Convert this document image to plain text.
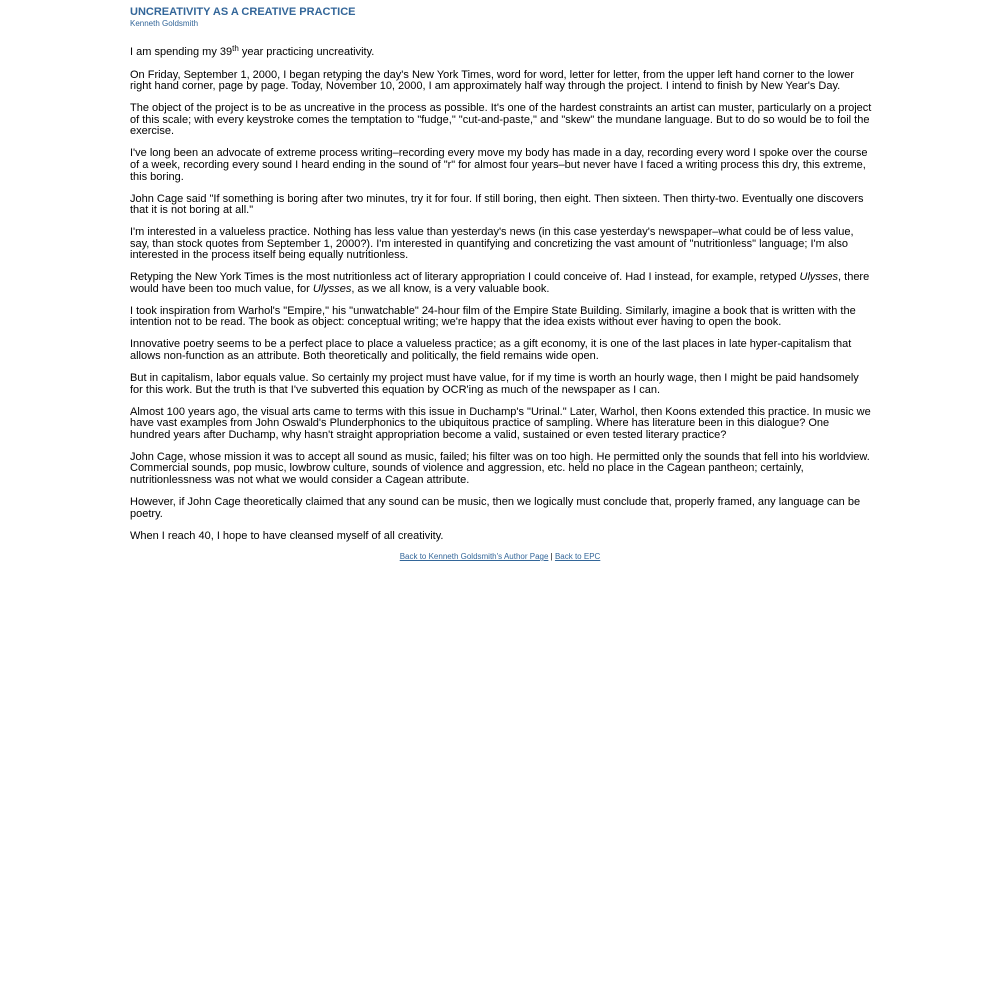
UNCREATIVITY AS A CREATIVE PRACTICE

Kenneth Goldsmith

I am spending my 39th year practicing uncreativity.

On Friday, September 1, 2000, I began retyping the day's New York Times, word for word, letter for letter, from the upper left hand corner to the lower right hand corner, page by page. Today, November 10, 2000, I am approximately half way through the project. I intend to finish by New Year's Day.

The object of the project is to be as uncreative in the process as possible. It's one of the hardest constraints an artist can muster, particularly on a project of this scale; with every keystroke comes the temptation to "fudge," "cut-and-paste," and "skew" the mundane language. But to do so would be to foil the exercise.

I've long been an advocate of extreme process writing–recording every move my body has made in a day, recording every word I spoke over the course of a week, recording every sound I heard ending in the sound of "r" for almost four years–but never have I faced a writing process this dry, this extreme, this boring.

John Cage said "If something is boring after two minutes, try it for four. If still boring, then eight. Then sixteen. Then thirty-two. Eventually one discovers that it is not boring at all."

I'm interested in a valueless practice. Nothing has less value than yesterday's news (in this case yesterday's newspaper–what could be of less value, say, than stock quotes from September 1, 2000?). I'm interested in quantifying and concretizing the vast amount of "nutritionless" language; I'm also interested in the process itself being equally nutritionless.

Retyping the New York Times is the most nutritionless act of literary appropriation I could conceive of. Had I instead, for example, retyped Ulysses, there would have been too much value, for Ulysses, as we all know, is a very valuable book.

I took inspiration from Warhol's "Empire," his "unwatchable" 24-hour film of the Empire State Building. Similarly, imagine a book that is written with the intention not to be read. The book as object: conceptual writing; we're happy that the idea exists without ever having to open the book.

Innovative poetry seems to be a perfect place to place a valueless practice; as a gift economy, it is one of the last places in late hyper-capitalism that allows non-function as an attribute. Both theoretically and politically, the field remains wide open.

But in capitalism, labor equals value. So certainly my project must have value, for if my time is worth an hourly wage, then I might be paid handsomely for this work. But the truth is that I've subverted this equation by OCR'ing as much of the newspaper as I can.

Almost 100 years ago, the visual arts came to terms with this issue in Duchamp's "Urinal." Later, Warhol, then Koons extended this practice. In music we have vast examples from John Oswald's Plunderphonics to the ubiquitous practice of sampling. Where has literature been in this dialogue? One hundred years after Duchamp, why hasn't straight appropriation become a valid, sustained or even tested literary practice?

John Cage, whose mission it was to accept all sound as music, failed; his filter was on too high. He permitted only the sounds that fell into his worldview. Commercial sounds, pop music, lowbrow culture, sounds of violence and aggression, etc. held no place in the Cagean pantheon; certainly, nutritionlessness was not what we would consider a Cagean attribute.

However, if John Cage theoretically claimed that any sound can be music, then we logically must conclude that, properly framed, any language can be poetry.

When I reach 40, I hope to have cleansed myself of all creativity.

Back to Kenneth Goldsmith's Author Page | Back to EPC
